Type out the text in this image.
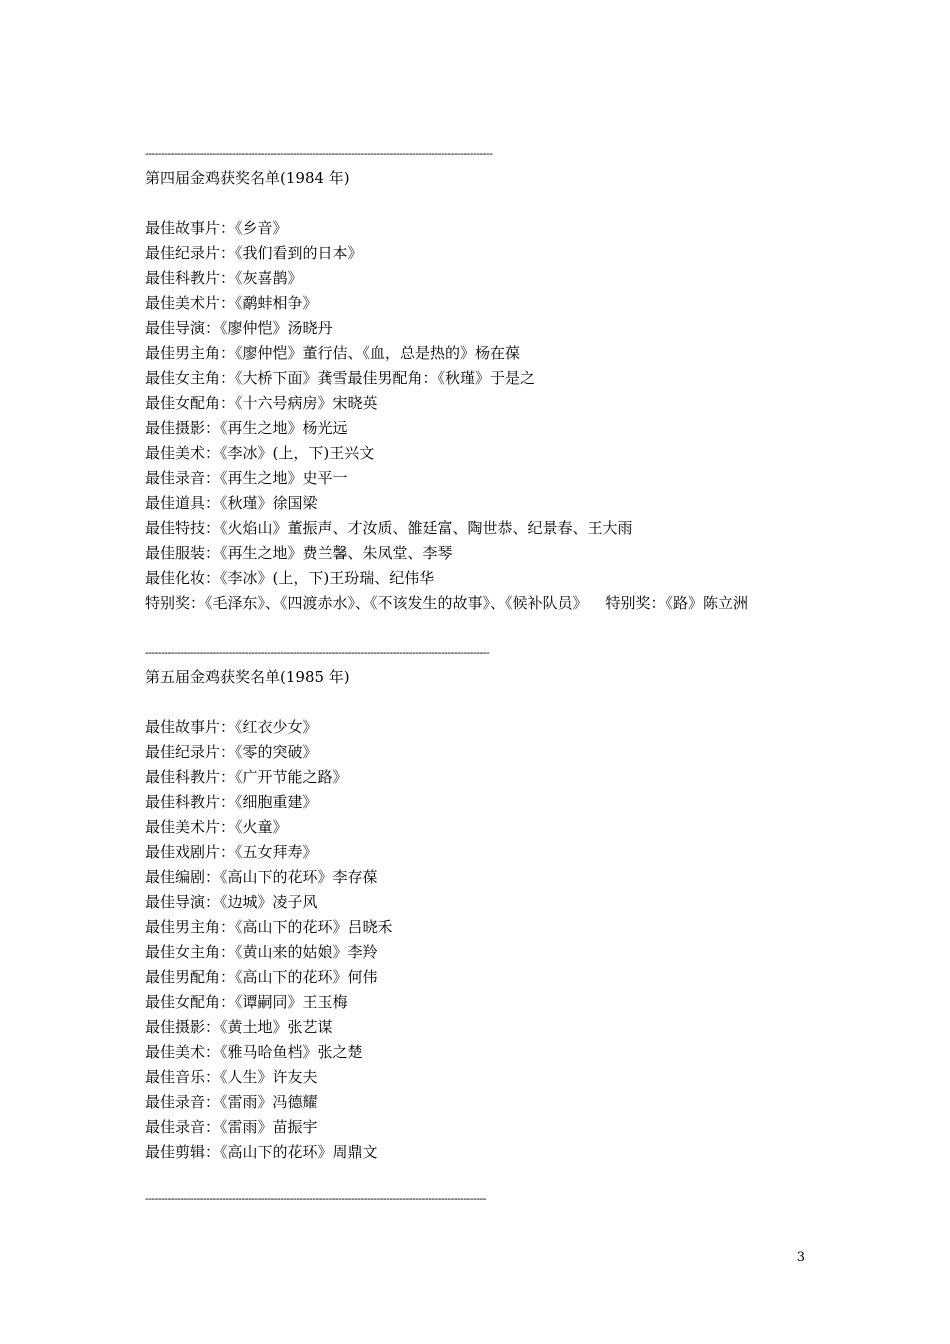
------------------------------------------------------------------------------------------------------------
第四届金鸡获奖名单(1984 年)
最佳故事片：《乡音》
最佳纪录片：《我们看到的日本》
最佳科教片：《灰喜鹊》
最佳美术片：《鹬蚌相争》
最佳导演：《廖仲恺》汤晓丹
最佳男主角：《廖仲恺》董行佶、《血，总是热的》杨在葆
最佳女主角：《大桥下面》龚雪最佳男配角：《秋瑾》于是之
最佳女配角：《十六号病房》宋晓英
最佳摄影：《再生之地》杨光远
最佳美术：《李冰》(上，下)王兴文
最佳录音：《再生之地》史平一
最佳道具：《秋瑾》徐国梁
最佳特技：《火焰山》董振声、才汝质、雒廷富、陶世恭、纪景春、王大雨
最佳服装：《再生之地》费兰馨、朱凤堂、李琴
最佳化妆：《李冰》(上，下)王玢瑞、纪伟华
特别奖：《毛泽东》、《四渡赤水》、《不该发生的故事》、《候补队员》 特别奖：《路》陈立洲
-----------------------------------------------------------------------------------------------------------
第五届金鸡获奖名单(1985 年)
最佳故事片：《红衣少女》
最佳纪录片：《零的突破》
最佳科教片：《广开节能之路》
最佳科教片：《细胞重建》
最佳美术片：《火童》
最佳戏剧片：《五女拜寿》
最佳编剧：《高山下的花环》李存葆
最佳导演：《边城》凌子风
最佳男主角：《高山下的花环》吕晓禾
最佳女主角：《黄山来的姑娘》李羚
最佳男配角：《高山下的花环》何伟
最佳女配角：《谭嗣同》王玉梅
最佳摄影：《黄土地》张艺谋
最佳美术：《雅马哈鱼档》张之楚
最佳音乐：《人生》许友夫
最佳录音：《雷雨》冯德耀
最佳录音：《雷雨》苗振宇
最佳剪辑：《高山下的花环》周鼎文
----------------------------------------------------------------------------------------------------------
3
